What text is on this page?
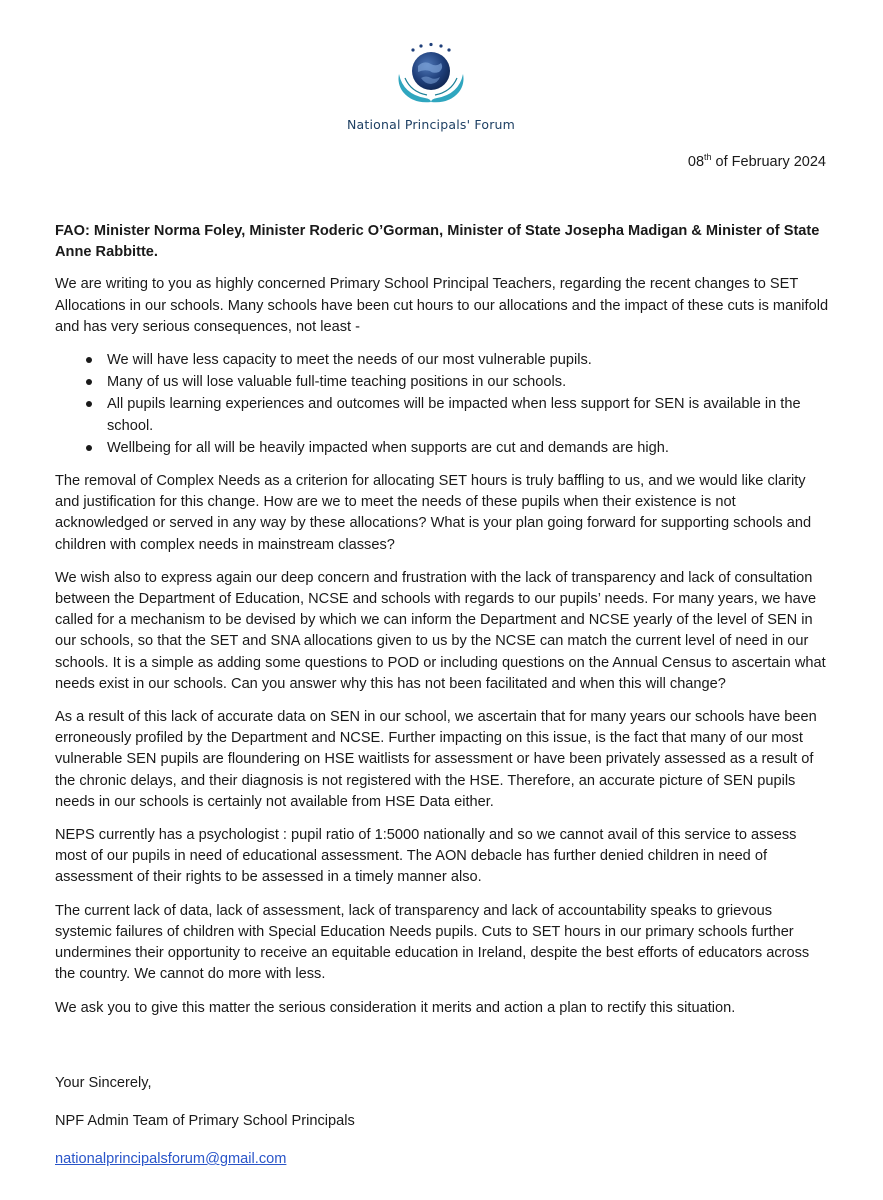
National Principals' Forum
08th of February 2024

FAO: Minister Norma Foley, Minister Roderic O’Gorman, Minister of State Josepha Madigan & Minister of State Anne Rabbitte.

We are writing to you as highly concerned Primary School Principal Teachers, regarding the recent changes to SET Allocations in our schools. Many schools have been cut hours to our allocations and the impact of these cuts is manifold and has very serious consequences, not least -

We will have less capacity to meet the needs of our most vulnerable pupils.
Many of us will lose valuable full-time teaching positions in our schools.
All pupils learning experiences and outcomes will be impacted when less support for SEN is available in the school.
Wellbeing for all will be heavily impacted when supports are cut and demands are high.

The removal of Complex Needs as a criterion for allocating SET hours is truly baffling to us, and we would like clarity and justification for this change. How are we to meet the needs of these pupils when their existence is not acknowledged or served in any way by these allocations? What is your plan going forward for supporting schools and children with complex needs in mainstream classes?

We wish also to express again our deep concern and frustration with the lack of transparency and lack of consultation between the Department of Education, NCSE and schools with regards to our pupils’ needs. For many years, we have called for a mechanism to be devised by which we can inform the Department and NCSE yearly of the level of SEN in our schools, so that the SET and SNA allocations given to us by the NCSE can match the current level of need in our schools. It is a simple as adding some questions to POD or including questions on the Annual Census to ascertain what needs exist in our schools. Can you answer why this has not been facilitated and when this will change?

As a result of this lack of accurate data on SEN in our school, we ascertain that for many years our schools have been erroneously profiled by the Department and NCSE. Further impacting on this issue, is the fact that many of our most vulnerable SEN pupils are floundering on HSE waitlists for assessment or have been privately assessed as a result of the chronic delays, and their diagnosis is not registered with the HSE. Therefore, an accurate picture of SEN pupils needs in our schools is certainly not available from HSE Data either.

NEPS currently has a psychologist : pupil ratio of 1:5000 nationally and so we cannot avail of this service to assess most of our pupils in need of educational assessment. The AON debacle has further denied children in need of assessment of their rights to be assessed in a timely manner also.

The current lack of data, lack of assessment, lack of transparency and lack of accountability speaks to grievous systemic failures of children with Special Education Needs pupils. Cuts to SET hours in our primary schools further undermines their opportunity to receive an equitable education in Ireland, despite the best efforts of educators across the country. We cannot do more with less.

We ask you to give this matter the serious consideration it merits and action a plan to rectify this situation.

Your Sincerely,
NPF Admin Team of Primary School Principals
nationalprincipalsforum@gmail.com
